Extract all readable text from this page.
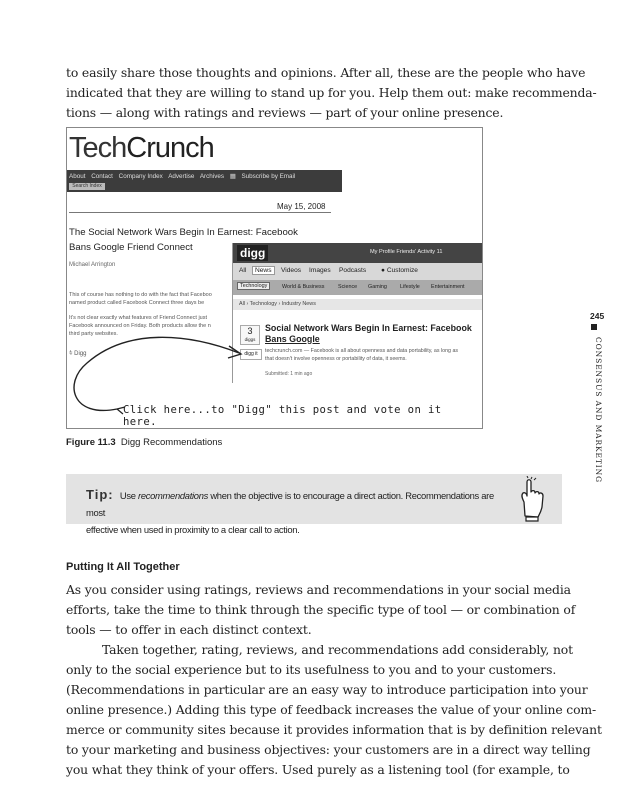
to easily share those thoughts and opinions. After all, these are the people who have
indicated that they are willing to stand up for you. Help them out: make recommenda-
tions — along with ratings and reviews — part of your online presence.
TechCrunch
About Contact Company Index Advertise Archives ▦ Subscribe by Email
Search Index
May 15, 2008
The Social Network Wars Begin In Earnest: Facebook
Bans Google Friend Connect
Michael Arrington
This of course has nothing to do with the fact that Faceboo
named product called Facebook Connect three days be
It's not clear exactly what features of Friend Connect just
Facebook announced on Friday. Both products allow the n
third party websites.
⫩ Digg
digg	My Profile Friends' Activity 11
All	News	Videos Images Podcasts ● Customize
Technology	World & Business	Science Gaming Lifestyle Entertainment
All › Technology › Industry News
3
diggs
digg it
Social Network Wars Begin In Earnest: Facebook
Bans Google
techcrunch.com — Facebook is all about openness and data portability, as long as
that doesn't involve openness or portability of data, it seems.
Submitted: 1 min ago
Click here...to "Digg" this post and vote on it here.
Figure 11.3 Digg Recommendations
245
CONSENSUS AND MARKETING
Tip: Use recommendations when the objective is to encourage a direct action. Recommendations are most
effective when used in proximity to a clear call to action.
Putting It All Together
As you consider using ratings, reviews and recommendations in your social media
efforts, take the time to think through the specific type of tool — or combination of
tools — to offer in each distinct context.
Taken together, rating, reviews, and recommendations add considerably, not
only to the social experience but to its usefulness to you and to your customers.
(Recommendations in particular are an easy way to introduce participation into your
online presence.) Adding this type of feedback increases the value of your online com-
merce or community sites because it provides information that is by definition relevant
to your marketing and business objectives: your customers are in a direct way telling
you what they think of your offers. Used purely as a listening tool (for example, to
